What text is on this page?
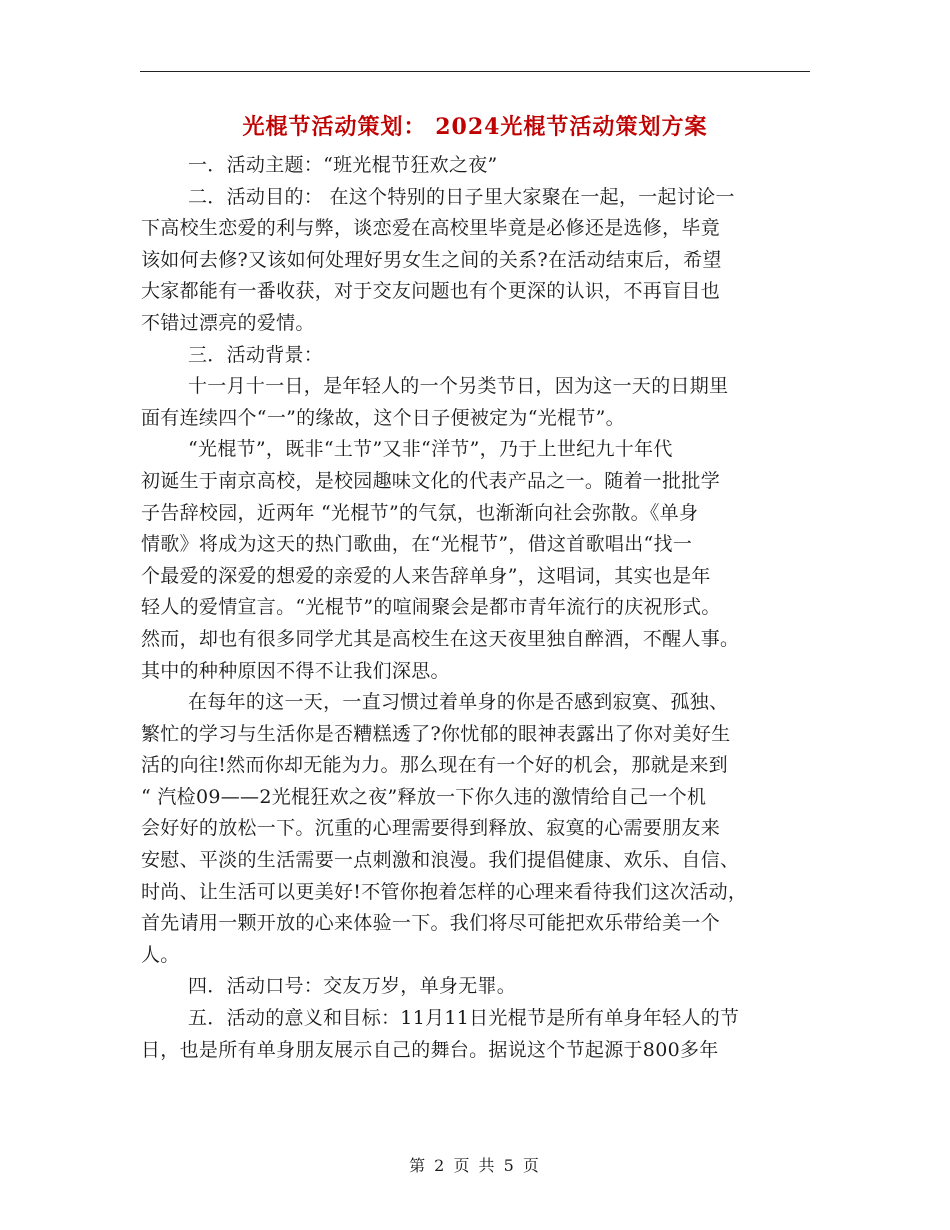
光棍节活动策划： 2024光棍节活动策划方案
一．活动主题：“班光棍节狂欢之夜”
二．活动目的： 在这个特别的日子里大家聚在一起，一起讨论一
下高校生恋爱的利与弊，谈恋爱在高校里毕竟是必修还是选修，毕竟
该如何去修?又该如何处理好男女生之间的关系?在活动结束后，希望
大家都能有一番收获，对于交友问题也有个更深的认识，不再盲目也
不错过漂亮的爱情。
三．活动背景：
十一月十一日，是年轻人的一个另类节日，因为这一天的日期里
面有连续四个“一”的缘故，这个日子便被定为“光棍节”。
“光棍节”，既非“土节”又非“洋节”，乃于上世纪九十年代
初诞生于南京高校，是校园趣味文化的代表产品之一。随着一批批学
子告辞校园，近两年 “光棍节”的气氛，也渐渐向社会弥散。《单身
情歌》将成为这天的热门歌曲，在“光棍节”，借这首歌唱出“找一
个最爱的深爱的想爱的亲爱的人来告辞单身”，这唱词，其实也是年
轻人的爱情宣言。“光棍节”的喧闹聚会是都市青年流行的庆祝形式。
然而，却也有很多同学尤其是高校生在这天夜里独自醉酒，不醒人事。
其中的种种原因不得不让我们深思。
在每年的这一天，一直习惯过着单身的你是否感到寂寞、孤独、
繁忙的学习与生活你是否糟糕透了?你忧郁的眼神表露出了你对美好生
活的向往!然而你却无能为力。那么现在有一个好的机会，那就是来到
“ 汽检09——2光棍狂欢之夜”释放一下你久违的激情给自己一个机
会好好的放松一下。沉重的心理需要得到释放、寂寞的心需要朋友来
安慰、平淡的生活需要一点刺激和浪漫。我们提倡健康、欢乐、自信、
时尚、让生活可以更美好!不管你抱着怎样的心理来看待我们这次活动，
首先请用一颗开放的心来体验一下。我们将尽可能把欢乐带给美一个
人。
四．活动口号：交友万岁，单身无罪。
五．活动的意义和目标：11月11日光棍节是所有单身年轻人的节
日，也是所有单身朋友展示自己的舞台。据说这个节起源于800多年
第 2 页 共 5 页
